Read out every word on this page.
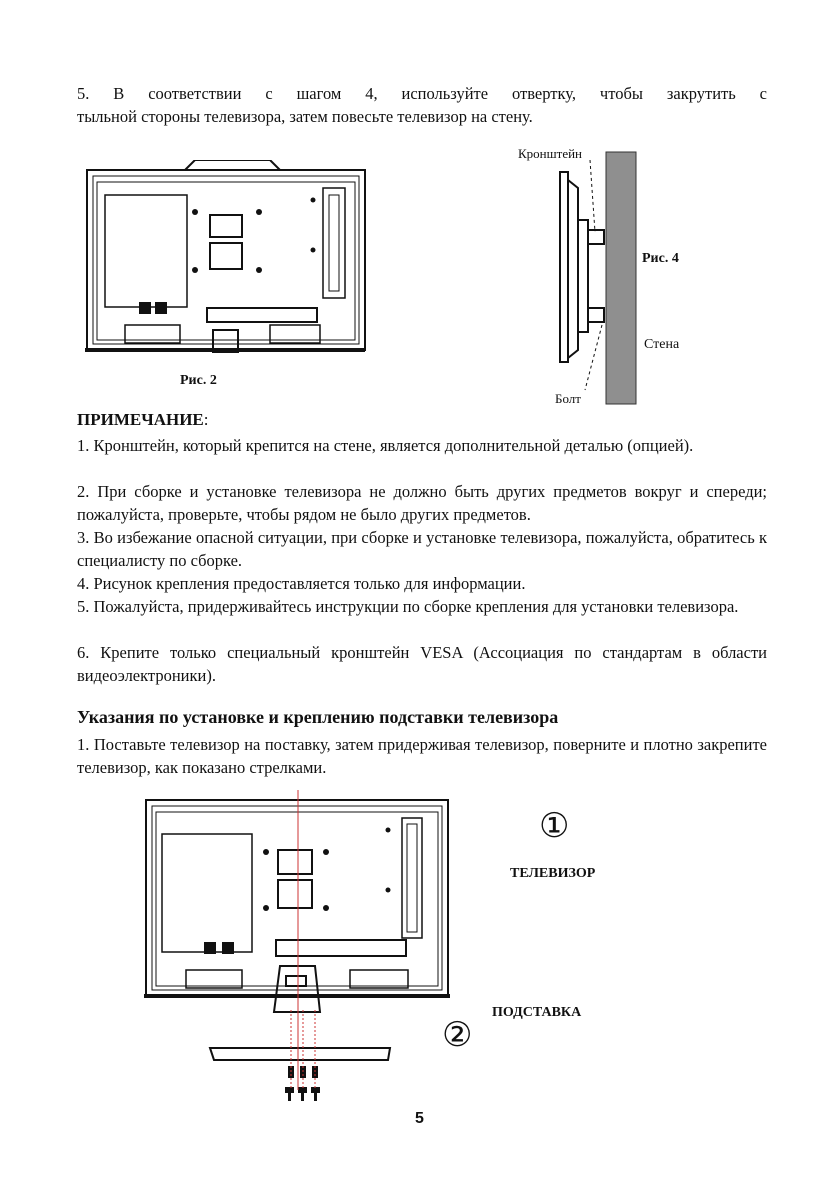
5. В соответствии с шагом 4, используйте отвертку, чтобы закрутить с

тыльной стороны телевизора, затем повесьте телевизор на стену.

Рис. 2
Кронштейн
Рис. 4
Стена
Болт
ПРИМЕЧАНИЕ:

1. Кронштейн, который крепится на стене, является дополнительной деталью (опцией).

2. При сборке и установке телевизора не должно быть других предметов вокруг и спереди; пожалуйста, проверьте, чтобы рядом не было других предметов.

3. Во избежание опасной ситуации, при сборке и установке телевизора, пожалуйста, обратитесь к специалисту по сборке.

4. Рисунок крепления предоставляется только для информации.

5. Пожалуйста, придерживайтесь инструкции по сборке крепления для установки телевизора.

6. Крепите только специальный кронштейн VESA (Ассоциация по стандартам в области видеоэлектроники).

Указания по установке и креплению подставки телевизора

1. Поставьте телевизор на поставку, затем придерживая телевизор, поверните и плотно закрепите телевизор, как показано стрелками.

①
ТЕЛЕВИЗОР
②
ПОДСТАВКА
5
